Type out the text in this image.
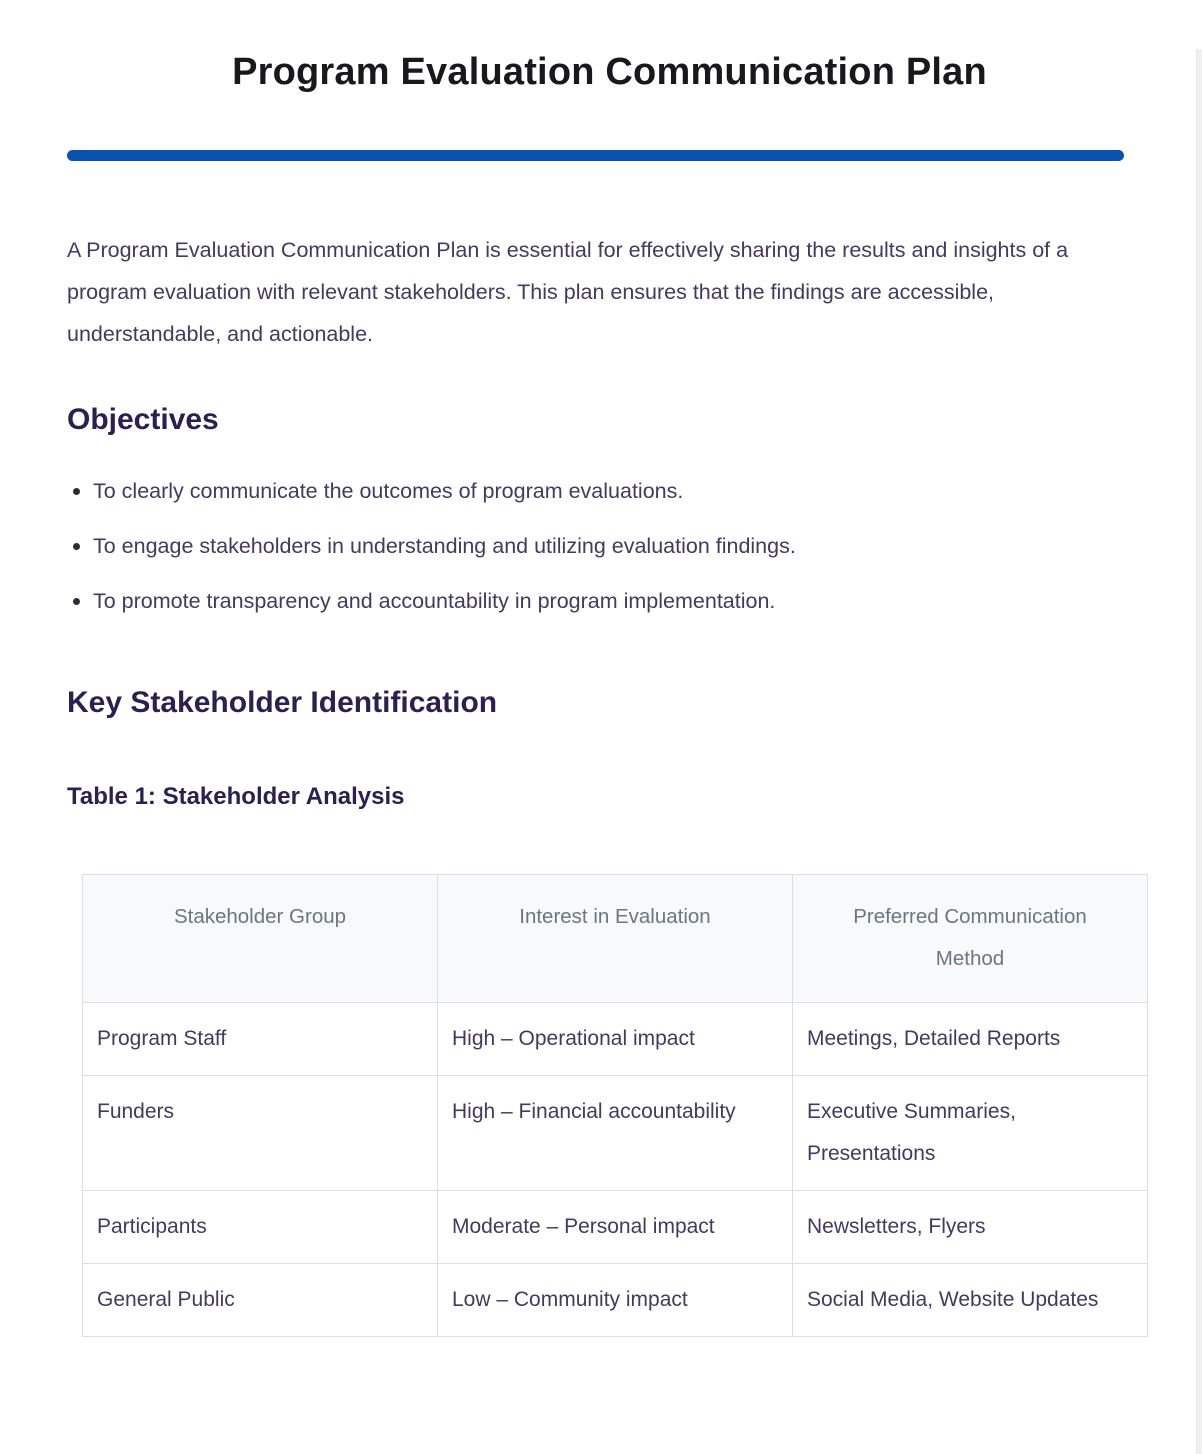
Program Evaluation Communication Plan

A Program Evaluation Communication Plan is essential for effectively sharing the results and insights of a program evaluation with relevant stakeholders. This plan ensures that the findings are accessible, understandable, and actionable.

Objectives
To clearly communicate the outcomes of program evaluations.
To engage stakeholders in understanding and utilizing evaluation findings.
To promote transparency and accountability in program implementation.
Key Stakeholder Identification
Table 1: Stakeholder Analysis
Stakeholder Group	Interest in Evaluation	Preferred Communication Method
Program Staff	High – Operational impact	Meetings, Detailed Reports
Funders	High – Financial accountability	Executive Summaries, Presentations
Participants	Moderate – Personal impact	Newsletters, Flyers
General Public	Low – Community impact	Social Media, Website Updates
